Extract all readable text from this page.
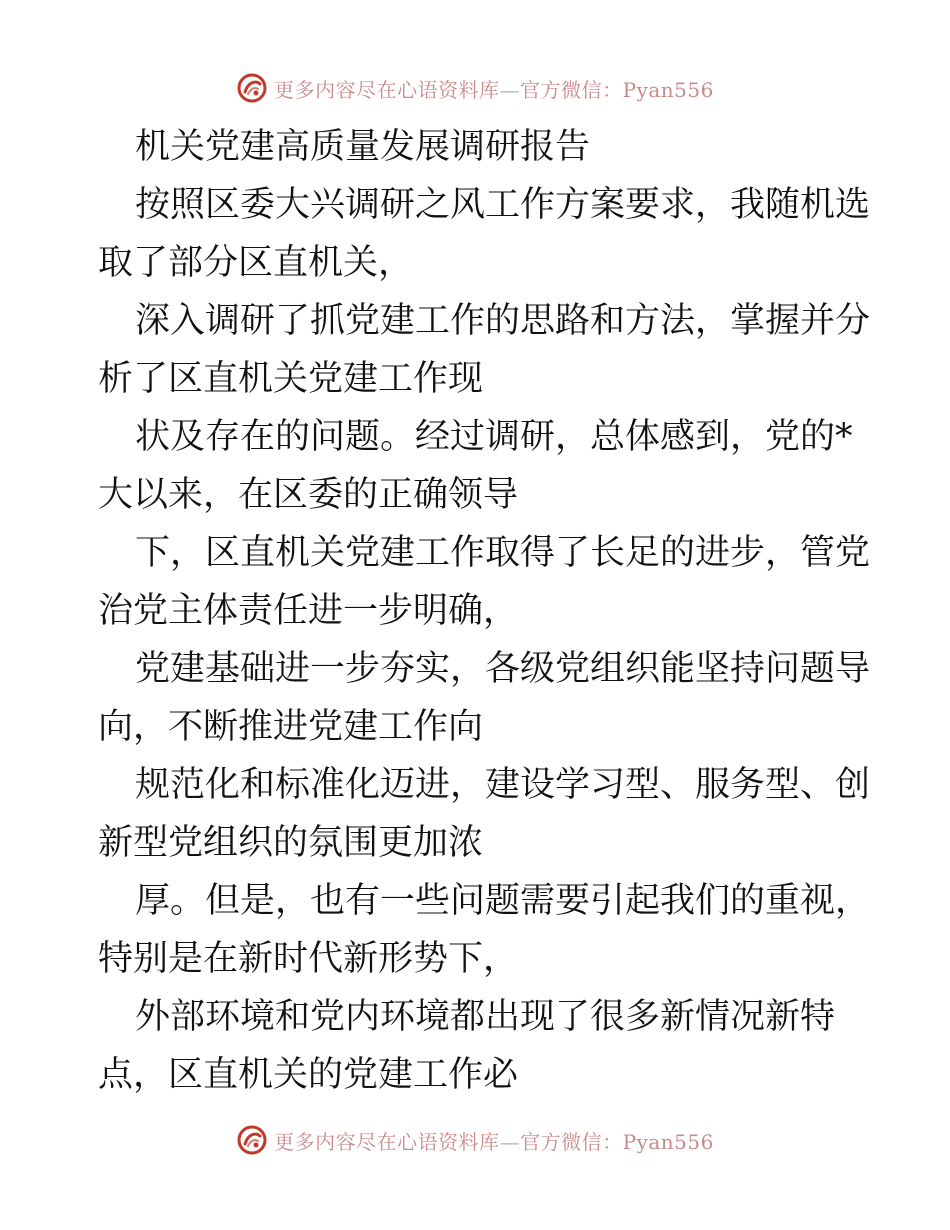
更多内容尽在心语资料库—官方微信：Pyan556
机关党建高质量发展调研报告
按照区委大兴调研之风工作方案要求，我随机选
取了部分区直机关，
深入调研了抓党建工作的思路和方法，掌握并分
析了区直机关党建工作现
状及存在的问题。经过调研，总体感到，党的*
大以来，在区委的正确领导
下，区直机关党建工作取得了长足的进步，管党
治党主体责任进一步明确，
党建基础进一步夯实，各级党组织能坚持问题导
向，不断推进党建工作向
规范化和标准化迈进，建设学习型、服务型、创
新型党组织的氛围更加浓
厚。但是，也有一些问题需要引起我们的重视，
特别是在新时代新形势下，
外部环境和党内环境都出现了很多新情况新特
点，区直机关的党建工作必
更多内容尽在心语资料库—官方微信：Pyan556
